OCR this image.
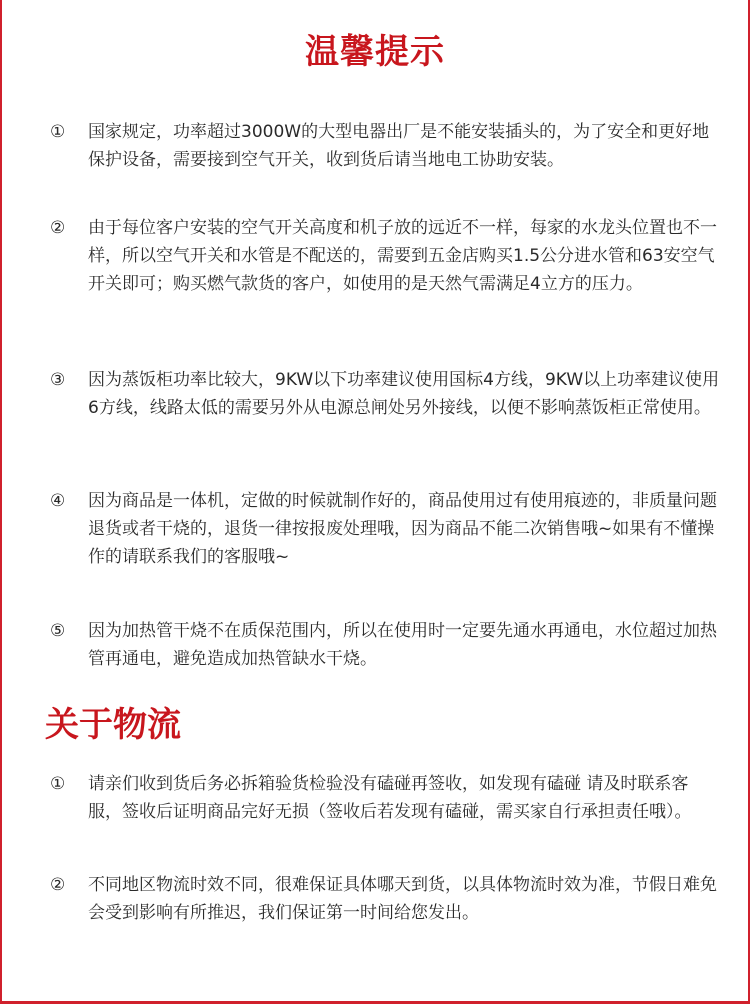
温馨提示
①	国家规定，功率超过3000W的大型电器出厂是不能安装插头的，为了安全和更好地保护设备，需要接到空气开关，收到货后请当地电工协助安装。
②	由于每位客户安装的空气开关高度和机子放的远近不一样，每家的水龙头位置也不一样，所以空气开关和水管是不配送的，需要到五金店购买1.5公分进水管和63安空气开关即可；购买燃气款货的客户，如使用的是天然气需满足4立方的压力。
③	因为蒸饭柜功率比较大，9KW以下功率建议使用国标4方线，9KW以上功率建议使用6方线，线路太低的需要另外从电源总闸处另外接线，以便不影响蒸饭柜正常使用。
④	因为商品是一体机，定做的时候就制作好的，商品使用过有使用痕迹的，非质量问题退货或者干烧的，退货一律按报废处理哦，因为商品不能二次销售哦~如果有不懂操作的请联系我们的客服哦~
⑤	因为加热管干烧不在质保范围内，所以在使用时一定要先通水再通电，水位超过加热管再通电，避免造成加热管缺水干烧。
关于物流
①	请亲们收到货后务必拆箱验货检验没有磕碰再签收，如发现有磕碰 请及时联系客服，签收后证明商品完好无损（签收后若发现有磕碰，需买家自行承担责任哦）。
②	不同地区物流时效不同，很难保证具体哪天到货，以具体物流时效为准，节假日难免会受到影响有所推迟，我们保证第一时间给您发出。
